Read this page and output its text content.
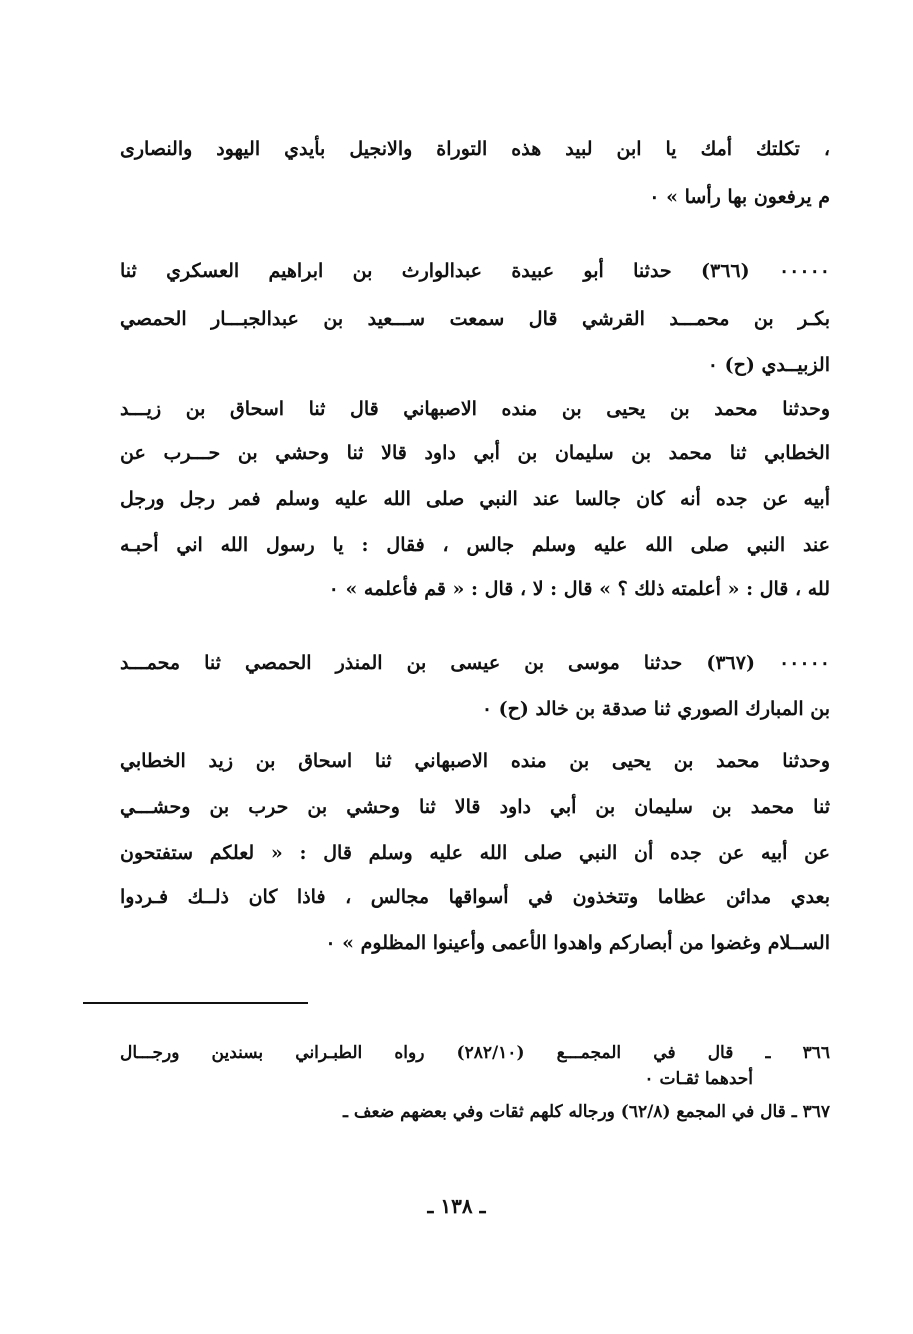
، تكلتك أمك يا ابن لبيد هذه التوراة والانجيل بأيدي اليهود والنصارى
م يرفعون بها رأسا » ٠
٠٠٠٠٠ (٣٦٦) حدثنا أبو عبيدة عبدالوارث بن ابراهيم العسكري ثنا
بكـر بن محمـــد القرشي قال سمعت ســـعيد بن عبدالجبـــار الحمصي
الزبيــدي (ح) ٠
وحدثنا محمد بن يحيى بن منده الاصبهاني قال ثنا اسحاق بن زيـــد
الخطابي ثنا محمد بن سليمان بن أبي داود قالا ثنا وحشي بن حـــرب عن
أبيه عن جده أنه كان جالسا عند النبي صلى الله عليه وسلم فمر رجل ورجل
عند النبي صلى الله عليه وسلم جالس ، فقال : يا رسول الله اني أحبـه
لله ، قال : « أعلمته ذلك ؟ » قال : لا ، قال : « قم فأعلمه » ٠
٠٠٠٠٠ (٣٦٧) حدثنا موسى بن عيسى بن المنذر الحمصي ثنا محمـــد
بن المبارك الصوري ثنا صدقة بن خالد (ح) ٠
وحدثنا محمد بن يحيى بن منده الاصبهاني ثنا اسحاق بن زيد الخطابي
ثنا محمد بن سليمان بن أبي داود قالا ثنا وحشي بن حرب بن وحشـــي
عن أبيه عن جده أن النبي صلى الله عليه وسلم قال : « لعلكم ستفتحون
بعدي مدائن عظاما وتتخذون في أسواقها مجالس ، فاذا كان ذلــك فـردوا
الســلام وغضوا من أبصاركم واهدوا الأعمى وأعينوا المظلوم » ٠
٣٦٦ ـ قال في المجمـــع (٢٨٢/١٠) رواه الطبـراني بسندين ورجـــال
أحدهما ثقـات ٠
٣٦٧ ـ قال في المجمع (٦٢/٨) ورجاله كلهم ثقات وفي بعضهم ضعف ـ
ـ ١٣٨ ـ
